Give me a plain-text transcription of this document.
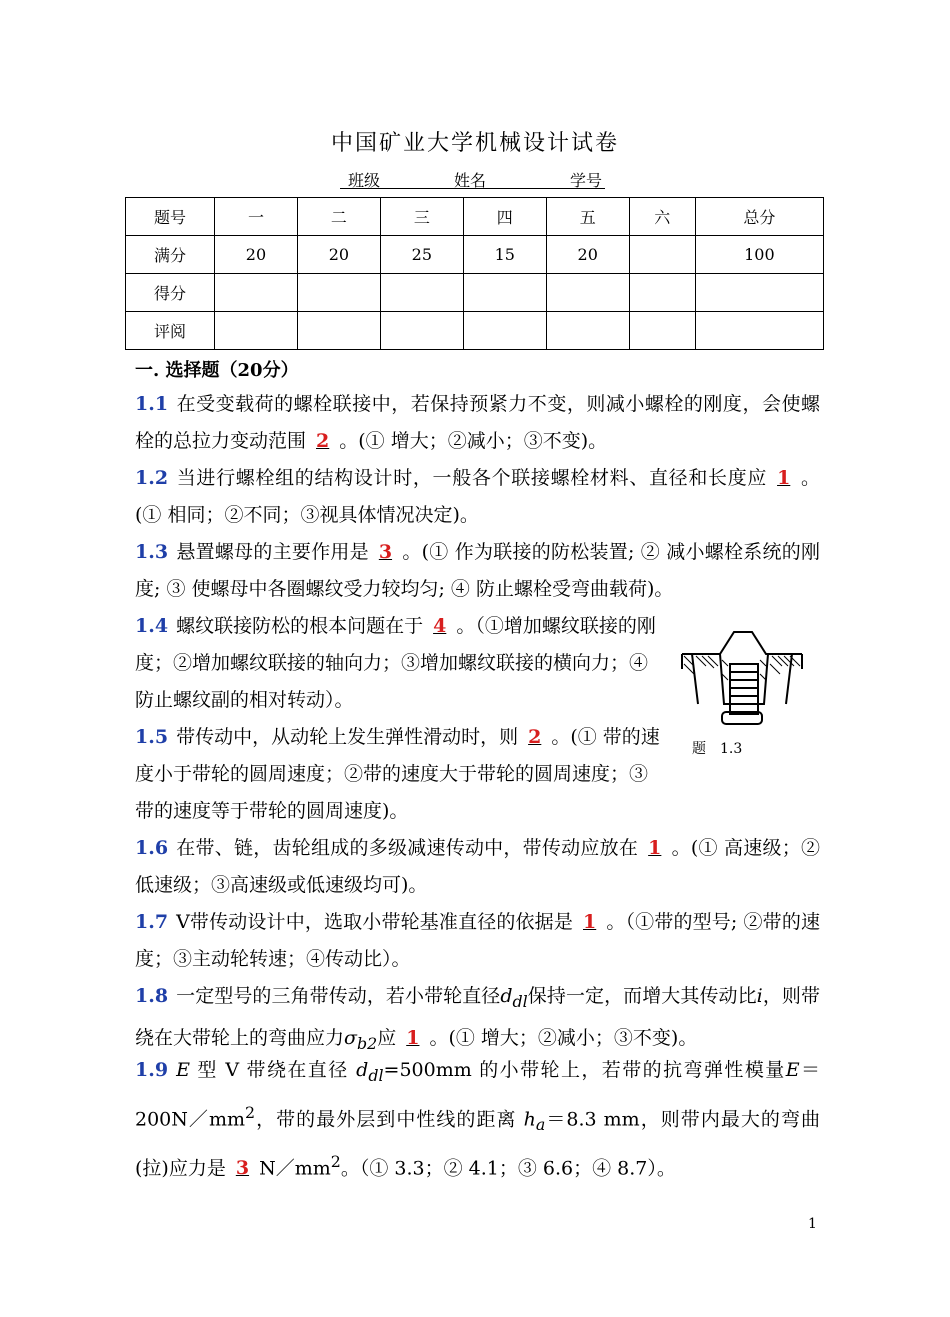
中国矿业大学机械设计试卷
班级	姓名	学号
题号	一	二	三	四	五	六	总分
满分	20	20	25	15	20		100
得分							
评阅							
一. 选择题（20分）
1.1 在受变载荷的螺栓联接中，若保持预紧力不变，则减小螺栓的刚度，会使螺栓的总拉力变动范围 2 。(① 增大；②减小；③不变)。
1.2 当进行螺栓组的结构设计时，一般各个联接螺栓材料、直径和长度应 1 。(① 相同；②不同；③视具体情况决定)。
1.3 悬置螺母的主要作用是 3 。(① 作为联接的防松装置; ② 减小螺栓系统的刚度; ③ 使螺母中各圈螺纹受力较均匀; ④ 防止螺栓受弯曲载荷)。
1.4 螺纹联接防松的根本问题在于 4 。（①增加螺纹联接的刚度；②增加螺纹联接的轴向力；③增加螺纹联接的横向力；④防止螺纹副的相对转动）。
1.5 带传动中，从动轮上发生弹性滑动时，则 2 。(① 带的速度小于带轮的圆周速度；②带的速度大于带轮的圆周速度；③带的速度等于带轮的圆周速度)。
题　1.3
1.6 在带、链，齿轮组成的多级减速传动中，带传动应放在 1 。(① 高速级；②低速级；③高速级或低速级均可)。
1.7 V带传动设计中，选取小带轮基准直径的依据是 1 。（①带的型号; ②带的速度；③主动轮转速；④传动比）。
1.8 一定型号的三角带传动，若小带轮直径$d_{dl}$保持一定，而增大其传动比i，则带绕在大带轮上的弯曲应力$\sigma_{b2}$应 1 。(① 增大；②减小；③不变)。
1.9 E 型 V 带绕在直径 $d_{dl}=500mm$ 的小带轮上，若带的抗弯弹性模量$E=200N/mm^2$，带的最外层到中性线的距离 $h_a=8.3$ mm，则带内最大的弯曲(拉)应力是 3 $N/mm^2$。（① 3.3；② 4.1；③ 6.6；④ 8.7）。
1
